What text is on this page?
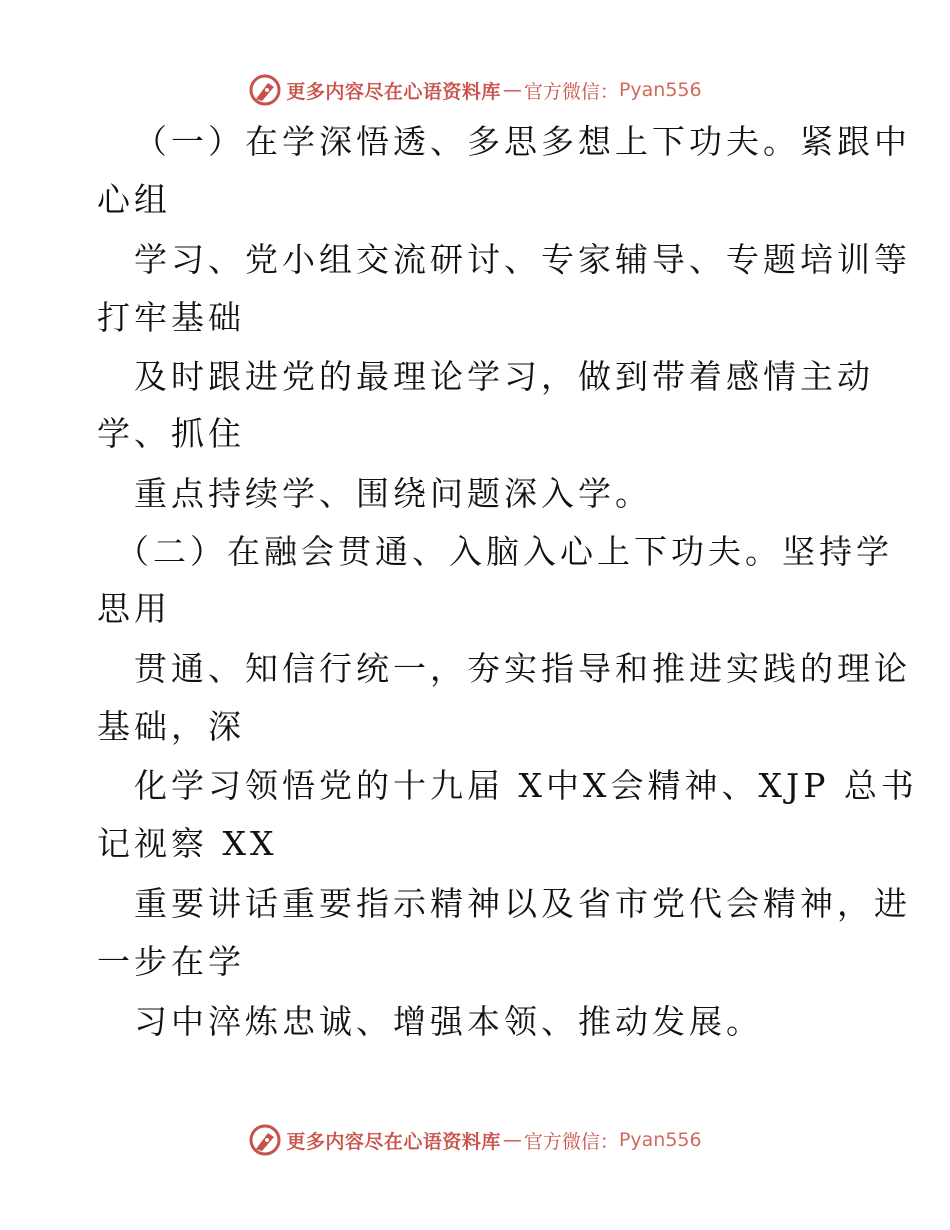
更多内容尽在心语资料库 — 官方微信： Pyan556
（一）在学深悟透、多思多想上下功夫。紧跟中
心组
学习、党小组交流研讨、专家辅导、专题培训等
打牢基础
及时跟进党的最理论学习，做到带着感情主动
学、抓住
重点持续学、围绕问题深入学。
（二）在融会贯通、入脑入心上下功夫。坚持学
思用
贯通、知信行统一，夯实指导和推进实践的理论
基础，深
化学习领悟党的十九届 X中X会精神、XJP 总书
记视察 XX
重要讲话重要指示精神以及省市党代会精神，进
一步在学
习中淬炼忠诚、增强本领、推动发展。
更多内容尽在心语资料库 — 官方微信： Pyan556
